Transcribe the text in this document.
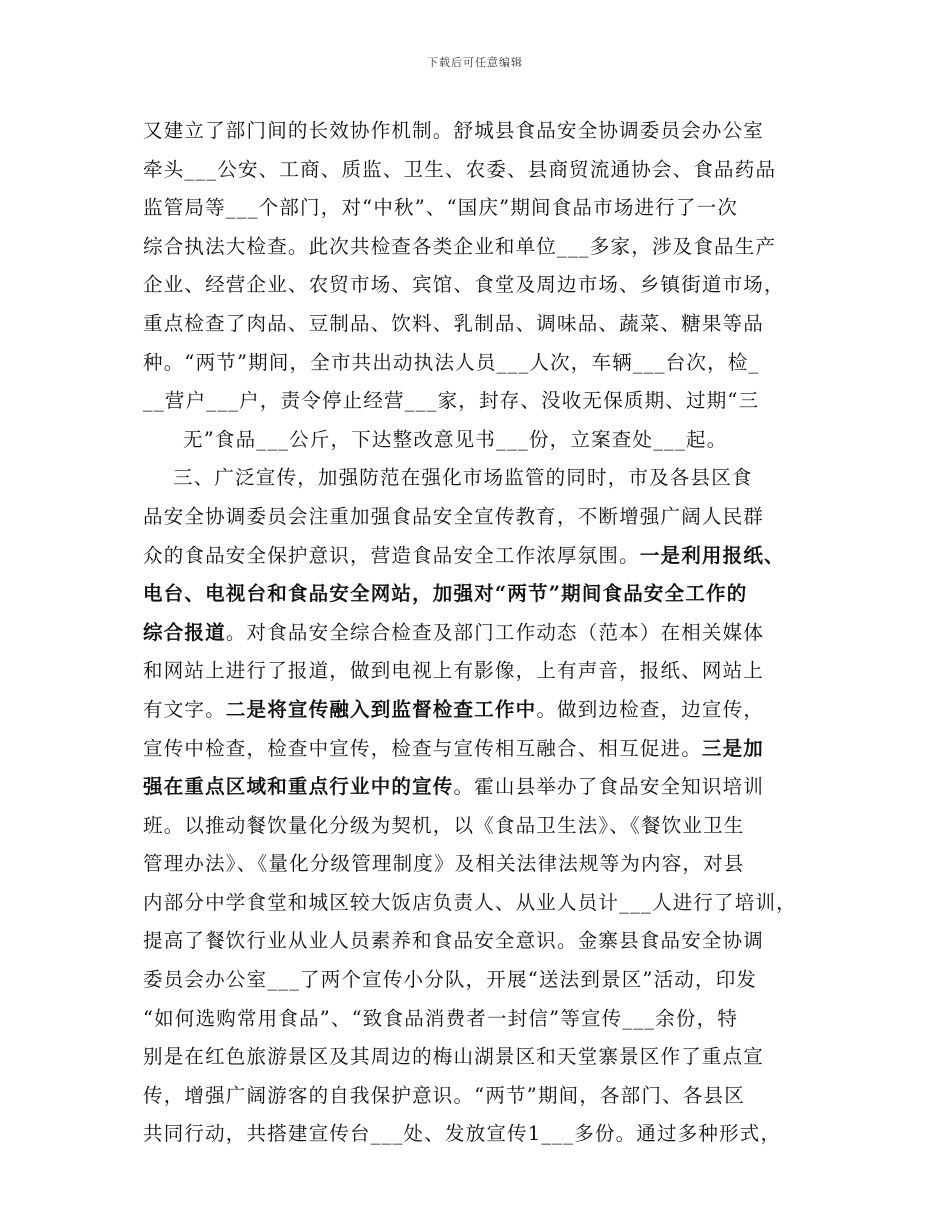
下载后可任意编辑
又建立了部门间的长效协作机制。舒城县食品安全协调委员会办公室
牵头___公安、工商、质监、卫生、农委、县商贸流通协会、食品药品
监管局等___个部门，对“中秋”、“国庆”期间食品市场进行了一次
综合执法大检查。此次共检查各类企业和单位___多家，涉及食品生产
企业、经营企业、农贸市场、宾馆、食堂及周边市场、乡镇街道市场，
重点检查了肉品、豆制品、饮料、乳制品、调味品、蔬菜、糖果等品
种。“两节”期间，全市共出动执法人员___人次，车辆___台次，检_
__营户___户，责令停止经营___家，封存、没收无保质期、过期“三
无”食品___公斤，下达整改意见书___份，立案查处___起。
三、广泛宣传，加强防范在强化市场监管的同时，市及各县区食
品安全协调委员会注重加强食品安全宣传教育，不断增强广阔人民群
众的食品安全保护意识，营造食品安全工作浓厚氛围。一是利用报纸、
电台、电视台和食品安全网站，加强对“两节”期间食品安全工作的
综合报道。对食品安全综合检查及部门工作动态（范本）在相关媒体
和网站上进行了报道，做到电视上有影像，上有声音，报纸、网站上
有文字。二是将宣传融入到监督检查工作中。做到边检查，边宣传，
宣传中检查，检查中宣传，检查与宣传相互融合、相互促进。三是加
强在重点区域和重点行业中的宣传。霍山县举办了食品安全知识培训
班。以推动餐饮量化分级为契机，以《食品卫生法》、《餐饮业卫生
管理办法》、《量化分级管理制度》及相关法律法规等为内容，对县
内部分中学食堂和城区较大饭店负责人、从业人员计___人进行了培训，
提高了餐饮行业从业人员素养和食品安全意识。金寨县食品安全协调
委员会办公室___了两个宣传小分队，开展“送法到景区”活动，印发
“如何选购常用食品”、“致食品消费者一封信”等宣传___余份，特
别是在红色旅游景区及其周边的梅山湖景区和天堂寨景区作了重点宣
传，增强广阔游客的自我保护意识。“两节”期间，各部门、各县区
共同行动，共搭建宣传台___处、发放宣传1___多份。通过多种形式，
